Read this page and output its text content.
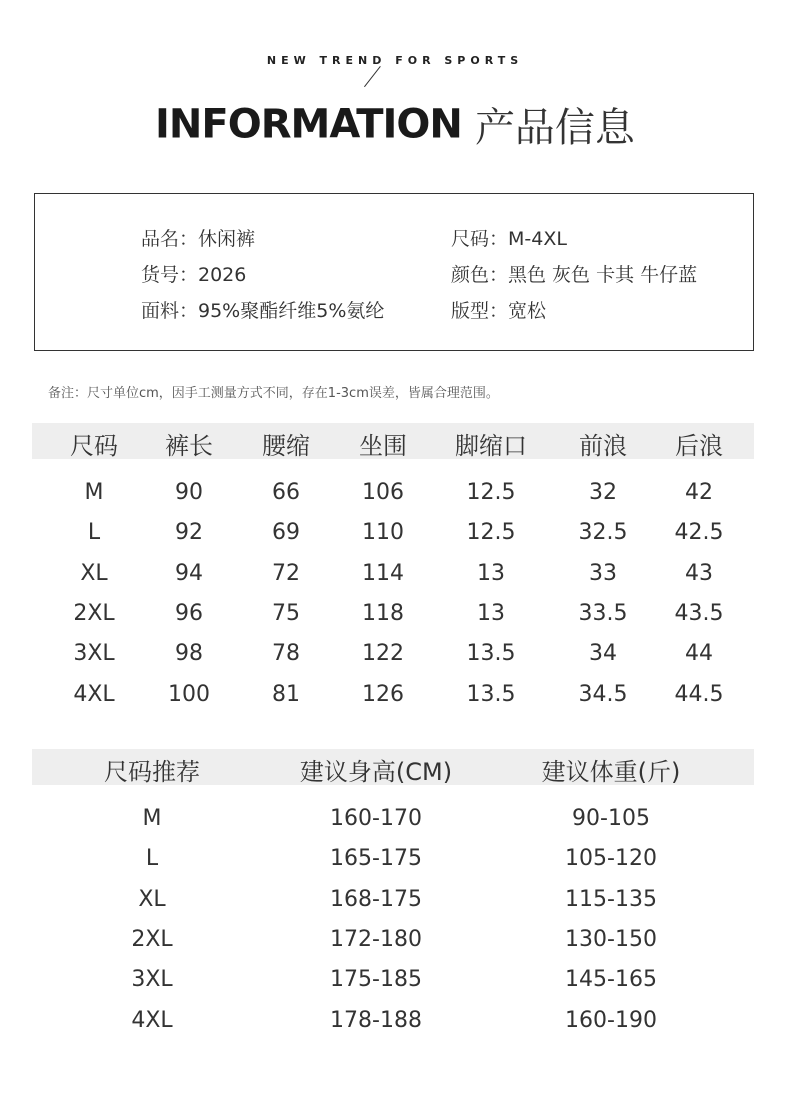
NEW TREND FOR SPORTS
INFORMATION 产品信息
品名：休闲裤	尺码：M-4XL
货号：2026	颜色：黑色 灰色 卡其 牛仔蓝
面料：95%聚酯纤维5%氨纶	版型：宽松
备注：尺寸单位cm，因手工测量方式不同，存在1-3cm误差，皆属合理范围。
尺码 裤长 腰缩 坐围 脚缩口 前浪 后浪
M	90	66	106	12.5	32	42
L	92	69	110	12.5	32.5 42.5
XL	94	72	114	13	33	43
2XL	96	75	118	13	33.5 43.5
3XL	98	78	122	13.5	34	44
4XL 100	81	126	13.5	34.5 44.5
尺码推荐	建议身高(CM)	建议体重(斤)
M	160-170	90-105
L	165-175	105-120
XL	168-175	115-135
2XL	172-180	130-150
3XL	175-185	145-165
4XL	178-188	160-190
